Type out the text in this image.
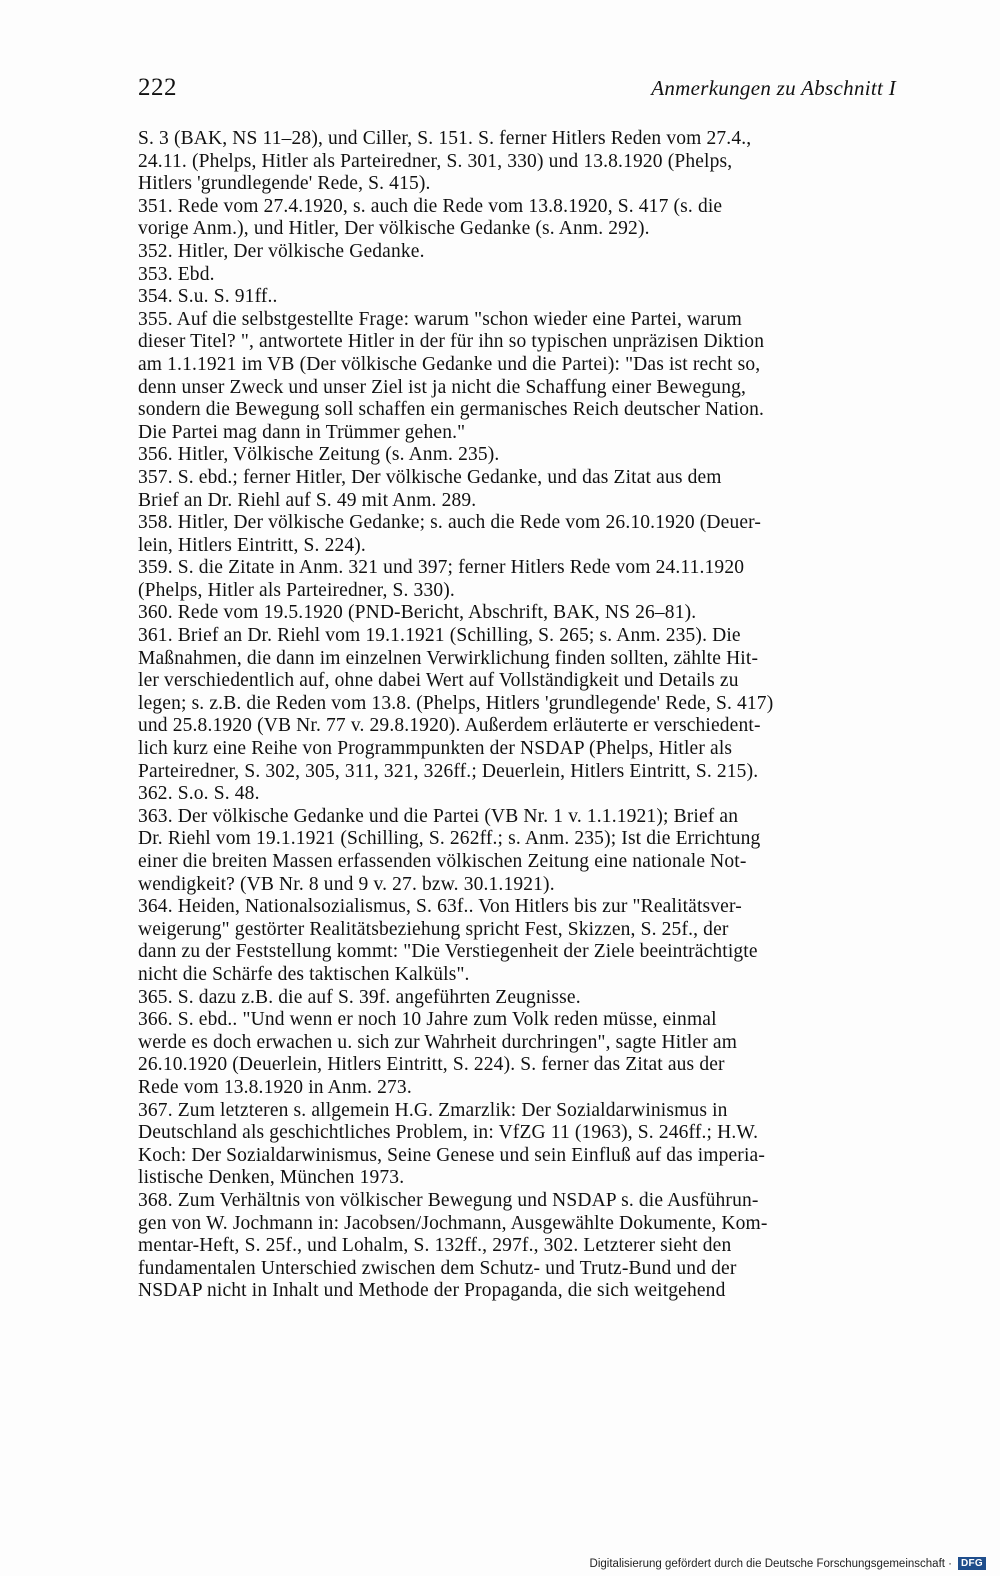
222	Anmerkungen zu Abschnitt I
S. 3 (BAK, NS 11–28), und Ciller, S. 151. S. ferner Hitlers Reden vom 27.4.,
24.11. (Phelps, Hitler als Parteiredner, S. 301, 330) und 13.8.1920 (Phelps,
Hitlers 'grundlegende' Rede, S. 415).
351. Rede vom 27.4.1920, s. auch die Rede vom 13.8.1920, S. 417 (s. die
vorige Anm.), und Hitler, Der völkische Gedanke (s. Anm. 292).
352. Hitler, Der völkische Gedanke.
353. Ebd.
354. S.u. S. 91ff..
355. Auf die selbstgestellte Frage: warum "schon wieder eine Partei, warum
dieser Titel? ", antwortete Hitler in der für ihn so typischen unpräzisen Diktion
am 1.1.1921 im VB (Der völkische Gedanke und die Partei): "Das ist recht so,
denn unser Zweck und unser Ziel ist ja nicht die Schaffung einer Bewegung,
sondern die Bewegung soll schaffen ein germanisches Reich deutscher Nation.
Die Partei mag dann in Trümmer gehen."
356. Hitler, Völkische Zeitung (s. Anm. 235).
357. S. ebd.; ferner Hitler, Der völkische Gedanke, und das Zitat aus dem
Brief an Dr. Riehl auf S. 49 mit Anm. 289.
358. Hitler, Der völkische Gedanke; s. auch die Rede vom 26.10.1920 (Deuer-
lein, Hitlers Eintritt, S. 224).
359. S. die Zitate in Anm. 321 und 397; ferner Hitlers Rede vom 24.11.1920
(Phelps, Hitler als Parteiredner, S. 330).
360. Rede vom 19.5.1920 (PND-Bericht, Abschrift, BAK, NS 26–81).
361. Brief an Dr. Riehl vom 19.1.1921 (Schilling, S. 265; s. Anm. 235). Die
Maßnahmen, die dann im einzelnen Verwirklichung finden sollten, zählte Hit-
ler verschiedentlich auf, ohne dabei Wert auf Vollständigkeit und Details zu
legen; s. z.B. die Reden vom 13.8. (Phelps, Hitlers 'grundlegende' Rede, S. 417)
und 25.8.1920 (VB Nr. 77 v. 29.8.1920). Außerdem erläuterte er verschiedent-
lich kurz eine Reihe von Programmpunkten der NSDAP (Phelps, Hitler als
Parteiredner, S. 302, 305, 311, 321, 326ff.; Deuerlein, Hitlers Eintritt, S. 215).
362. S.o. S. 48.
363. Der völkische Gedanke und die Partei (VB Nr. 1 v. 1.1.1921); Brief an
Dr. Riehl vom 19.1.1921 (Schilling, S. 262ff.; s. Anm. 235); Ist die Errichtung
einer die breiten Massen erfassenden völkischen Zeitung eine nationale Not-
wendigkeit? (VB Nr. 8 und 9 v. 27. bzw. 30.1.1921).
364. Heiden, Nationalsozialismus, S. 63f.. Von Hitlers bis zur "Realitätsver-
weigerung" gestörter Realitätsbeziehung spricht Fest, Skizzen, S. 25f., der
dann zu der Feststellung kommt: "Die Verstiegenheit der Ziele beeinträchtigte
nicht die Schärfe des taktischen Kalküls".
365. S. dazu z.B. die auf S. 39f. angeführten Zeugnisse.
366. S. ebd.. "Und wenn er noch 10 Jahre zum Volk reden müsse, einmal
werde es doch erwachen u. sich zur Wahrheit durchringen", sagte Hitler am
26.10.1920 (Deuerlein, Hitlers Eintritt, S. 224). S. ferner das Zitat aus der
Rede vom 13.8.1920 in Anm. 273.
367. Zum letzteren s. allgemein H.G. Zmarzlik: Der Sozialdarwinismus in
Deutschland als geschichtliches Problem, in: VfZG 11 (1963), S. 246ff.; H.W.
Koch: Der Sozialdarwinismus, Seine Genese und sein Einfluß auf das imperia-
listische Denken, München 1973.
368. Zum Verhältnis von völkischer Bewegung und NSDAP s. die Ausführun-
gen von W. Jochmann in: Jacobsen/Jochmann, Ausgewählte Dokumente, Kom-
mentar-Heft, S. 25f., und Lohalm, S. 132ff., 297f., 302. Letzterer sieht den
fundamentalen Unterschied zwischen dem Schutz- und Trutz-Bund und der
NSDAP nicht in Inhalt und Methode der Propaganda, die sich weitgehend
Digitalisierung gefördert durch die Deutsche Forschungsgemeinschaft · DFG
